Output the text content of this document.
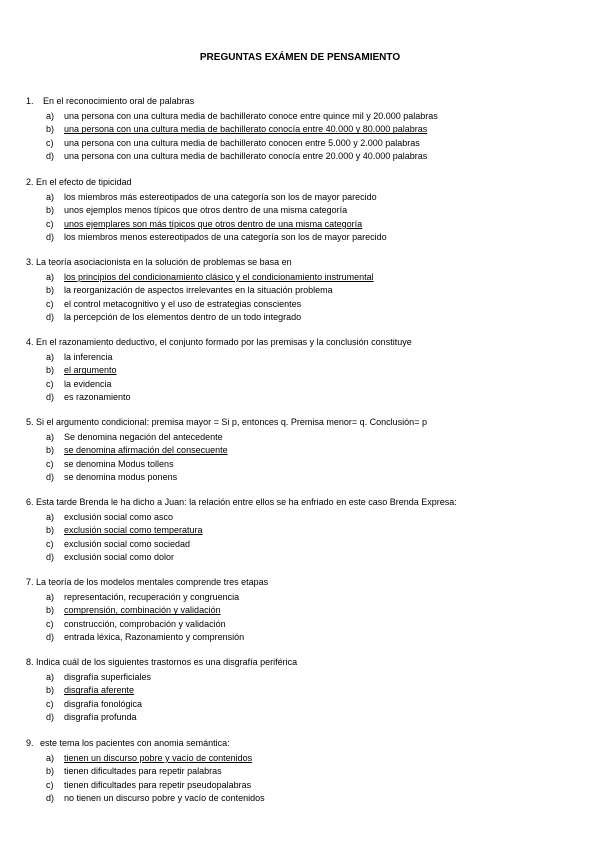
PREGUNTAS EXÁMEN DE PENSAMIENTO
1. En el reconocimiento oral de palabras
a) una persona con una cultura media de bachillerato conoce entre quince mil y 20.000 palabras
b) una persona con una cultura media de bachillerato conocía entre 40.000 y 80.000 palabras
c) una persona con una cultura media de bachillerato conocen entre 5.000 y 2.000 palabras
d) una persona con una cultura media de bachillerato conocía entre 20.000 y 40.000 palabras
2. En el efecto de tipicidad
a) los miembros más estereotipados de una categoría son los de mayor parecido
b) unos ejemplos menos típicos que otros dentro de una misma categoría
c) unos ejemplares son más típicos que otros dentro de una misma categoría
d) los miembros menos estereotipados de una categoría son los de mayor parecido
3. La teoría asociacionista en la solución de problemas se basa en
a) los principios del condicionamiento clásico y el condicionamiento instrumental
b) la reorganización de aspectos irrelevantes en la situación problema
c) el control metacognitivo y el uso de estrategias conscientes
d) la percepción de los elementos dentro de un todo integrado
4. En el razonamiento deductivo, el conjunto formado por las premisas y la conclusión constituye
a) la inferencia
b) el argumento
c) la evidencia
d) es razonamiento
5. Si el argumento condicional: premisa mayor = Si p, entonces q. Premisa menor= q. Conclusión= p
a) Se denomina negación del antecedente
b) se denomina afirmación del consecuente
c) se denomina Modus tollens
d) se denomina modus ponens
6. Esta tarde Brenda le ha dicho a Juan: la relación entre ellos se ha enfriado en este caso Brenda Expresa:
a) exclusión social como asco
b) exclusión social como temperatura
c) exclusión social como sociedad
d) exclusión social como dolor
7. La teoría de los modelos mentales comprende tres etapas
a) representación, recuperación y congruencia
b) comprensión, combinación y validación
c) construcción, comprobación y validación
d) entrada léxica, Razonamiento y comprensión
8. Indica cuál de los siguientes trastornos es una disgrafía periférica
a) disgrafía superficiales
b) disgrafía aferente
c) disgrafía fonológica
d) disgrafía profunda
9. este tema los pacientes con anomia semántica:
a) tienen un discurso pobre y vacío de contenidos
b) tienen dificultades para repetir palabras
c) tienen dificultades para repetir pseudopalabras
d) no tienen un discurso pobre y vacío de contenidos
